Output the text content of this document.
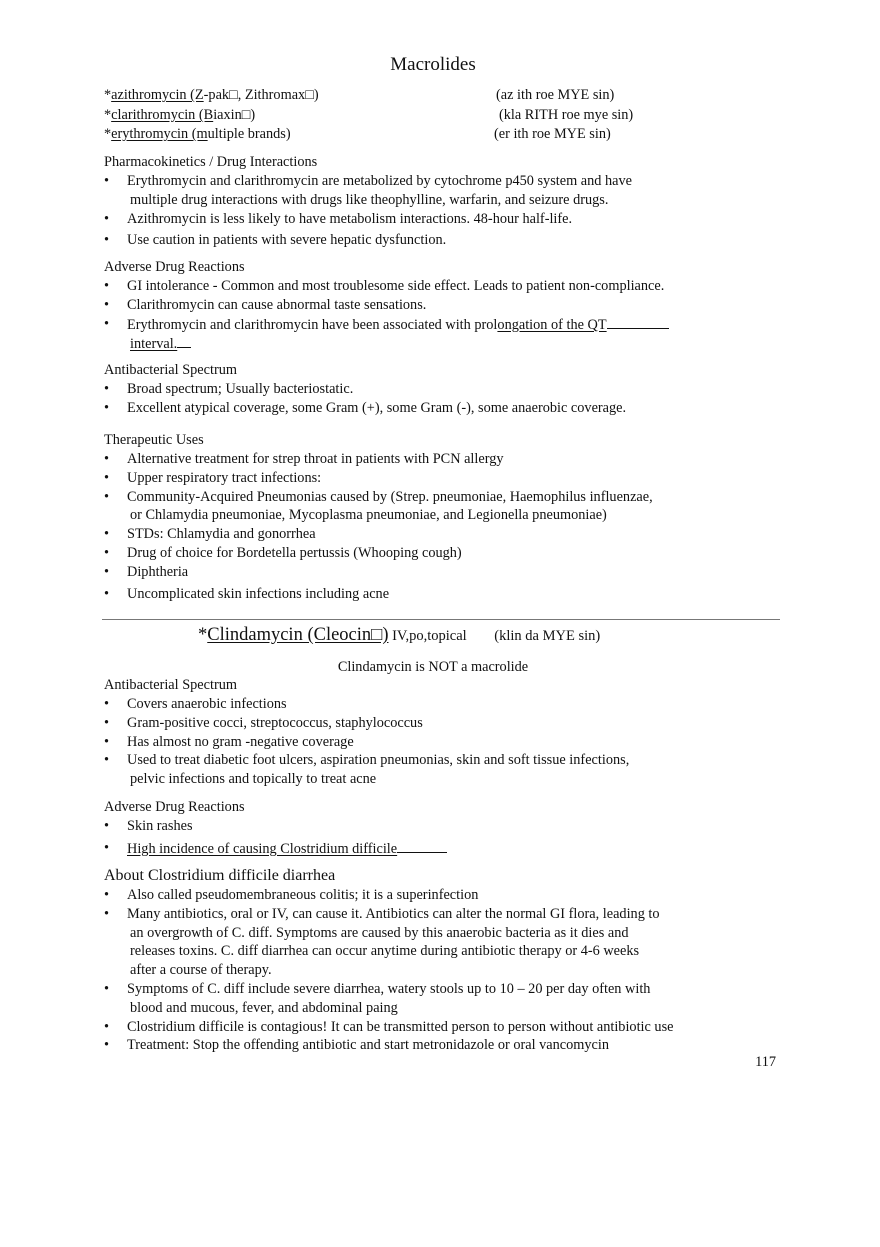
Macrolides
*azithromycin (Z-pak□, Zithromax□)	(az ith roe MYE sin)
*clarithromycin (Biaxin□)	(kla RITH roe mye sin)
*erythromycin (multiple brands)	(er ith roe MYE sin)
Pharmacokinetics / Drug Interactions
• Erythromycin and clarithromycin are metabolized by cytochrome p450 system and have
multiple drug interactions with drugs like theophylline, warfarin, and seizure drugs.
• Azithromycin is less likely to have metabolism interactions. 48-hour half-life.
• Use caution in patients with severe hepatic dysfunction.
Adverse Drug Reactions
• GI intolerance - Common and most troublesome side effect. Leads to patient non-compliance.
• Clarithromycin can cause abnormal taste sensations.
• Erythromycin and clarithromycin have been associated with prolongation of the QT
interval.
Antibacterial Spectrum
• Broad spectrum; Usually bacteriostatic.
• Excellent atypical coverage, some Gram (+), some Gram (-), some anaerobic coverage.
Therapeutic Uses
• Alternative treatment for strep throat in patients with PCN allergy
• Upper respiratory tract infections:
• Community-Acquired Pneumonias caused by (Strep. pneumoniae, Haemophilus influenzae,
or Chlamydia pneumoniae, Mycoplasma pneumoniae, and Legionella pneumoniae)
• STDs: Chlamydia and gonorrhea
• Drug of choice for Bordetella pertussis (Whooping cough)
• Diphtheria
• Uncomplicated skin infections including acne
*Clindamycin (Cleocin□) IV,po,topical (klin da MYE sin)
Clindamycin is NOT a macrolide
Antibacterial Spectrum
• Covers anaerobic infections
• Gram-positive cocci, streptococcus, staphylococcus
• Has almost no gram -negative coverage
• Used to treat diabetic foot ulcers, aspiration pneumonias, skin and soft tissue infections,
pelvic infections and topically to treat acne
Adverse Drug Reactions
• Skin rashes
• High incidence of causing Clostridium difficile
About Clostridium difficile diarrhea
• Also called pseudomembraneous colitis; it is a superinfection
• Many antibiotics, oral or IV, can cause it. Antibiotics can alter the normal GI flora, leading to
an overgrowth of C. diff. Symptoms are caused by this anaerobic bacteria as it dies and
releases toxins. C. diff diarrhea can occur anytime during antibiotic therapy or 4-6 weeks
after a course of therapy.
• Symptoms of C. diff include severe diarrhea, watery stools up to 10 – 20 per day often with
blood and mucous, fever, and abdominal paing
• Clostridium difficile is contagious! It can be transmitted person to person without antibiotic use
• Treatment: Stop the offending antibiotic and start metronidazole or oral vancomycin
117
